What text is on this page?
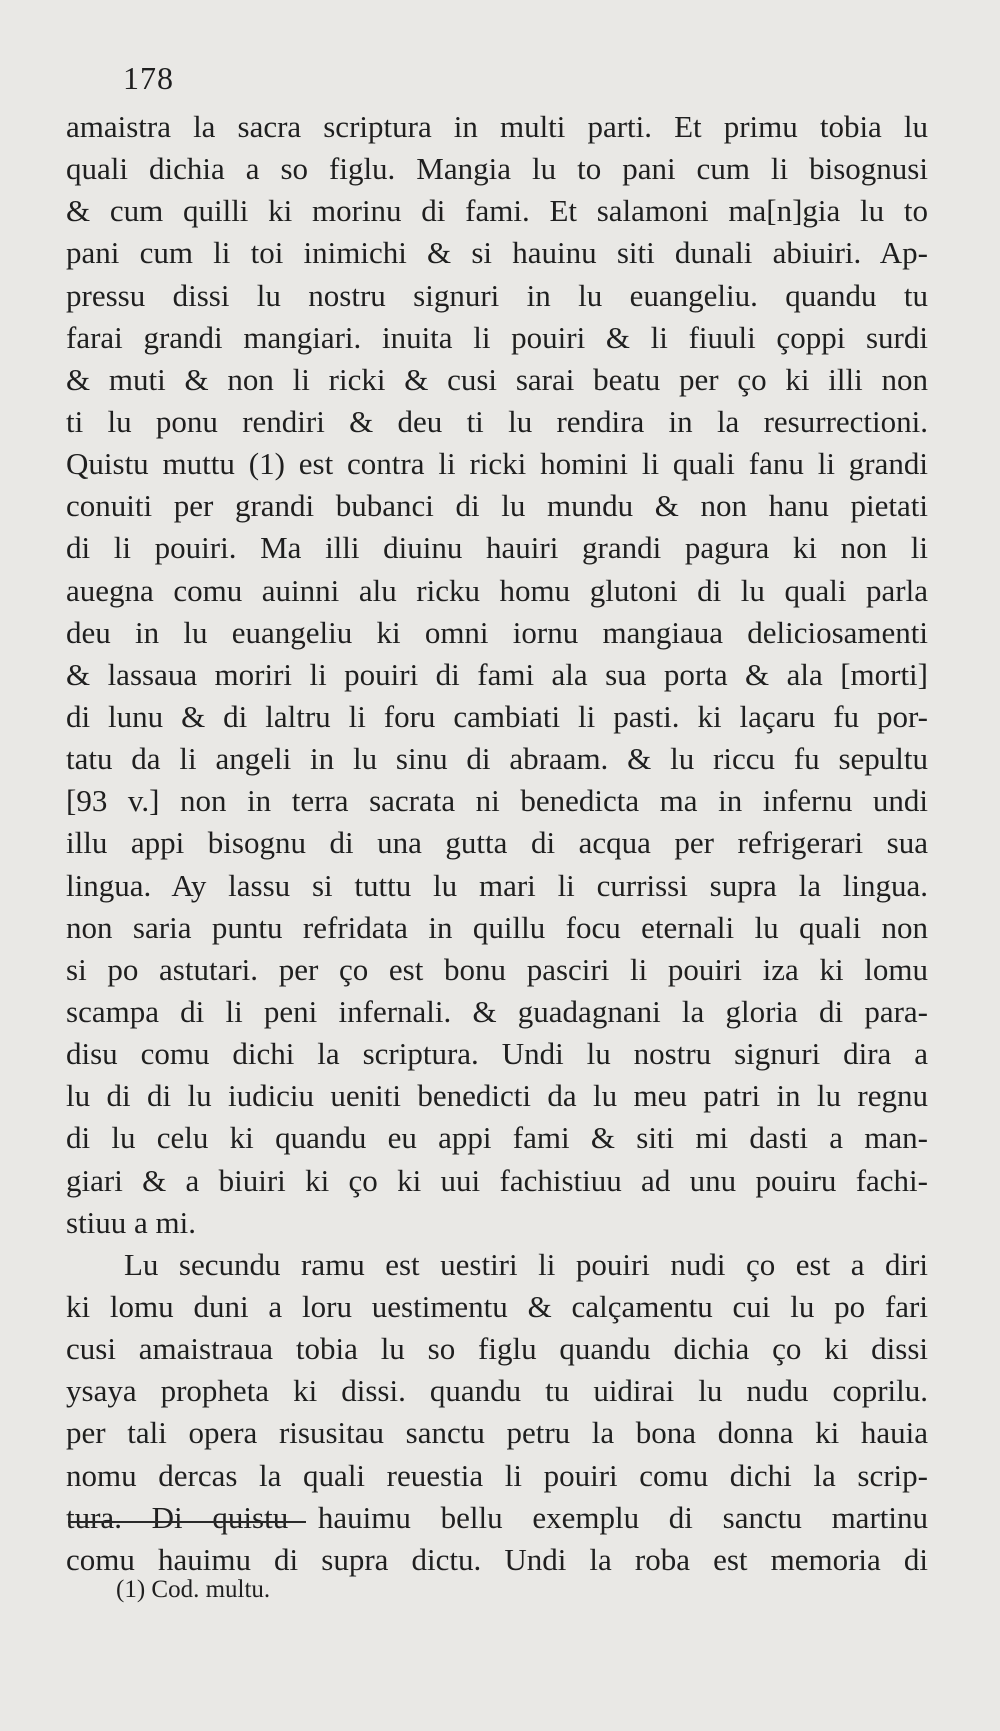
178
amaistra la sacra scriptura in multi parti. Et primu tobia lu
quali dichia a so figlu. Mangia lu to pani cum li bisognusi
& cum quilli ki morinu di fami. Et salamoni ma[n]gia lu to
pani cum li toi inimichi & si hauinu siti dunali abiuiri. Ap-
pressu dissi lu nostru signuri in lu euangeliu. quandu tu
farai grandi mangiari. inuita li pouiri & li fiuuli çoppi surdi
& muti & non li ricki & cusi sarai beatu per ço ki illi non
ti lu ponu rendiri & deu ti lu rendira in la resurrectioni.
Quistu muttu (1) est contra li ricki homini li quali fanu li grandi
conuiti per grandi bubanci di lu mundu & non hanu pietati
di li pouiri. Ma illi diuinu hauiri grandi pagura ki non li
auegna comu auinni alu ricku homu glutoni di lu quali parla
deu in lu euangeliu ki omni iornu mangiaua deliciosamenti
& lassaua moriri li pouiri di fami ala sua porta & ala [morti]
di lunu & di laltru li foru cambiati li pasti. ki laçaru fu por-
tatu da li angeli in lu sinu di abraam. & lu riccu fu sepultu
[93 v.] non in terra sacrata ni benedicta ma in infernu undi
illu appi bisognu di una gutta di acqua per refrigerari sua
lingua. Ay lassu si tuttu lu mari li currissi supra la lingua.
non saria puntu refridata in quillu focu eternali lu quali non
si po astutari. per ço est bonu pasciri li pouiri iza ki lomu
scampa di li peni infernali. & guadagnani la gloria di para-
disu comu dichi la scriptura. Undi lu nostru signuri dira a
lu di di lu iudiciu ueniti benedicti da lu meu patri in lu regnu
di lu celu ki quandu eu appi fami & siti mi dasti a man-
giari & a biuiri ki ço ki uui fachistiuu ad unu pouiru fachi-
stiuu a mi.
Lu secundu ramu est uestiri li pouiri nudi ço est a diri
ki lomu duni a loru uestimentu & calçamentu cui lu po fari
cusi amaistraua tobia lu so figlu quandu dichia ço ki dissi
ysaya propheta ki dissi. quandu tu uidirai lu nudu coprilu.
per tali opera risusitau sanctu petru la bona donna ki hauia
nomu dercas la quali reuestia li pouiri comu dichi la scrip-
tura. Di quistu hauimu bellu exemplu di sanctu martinu
comu hauimu di supra dictu. Undi la roba est memoria di
(1) Cod. multu.
